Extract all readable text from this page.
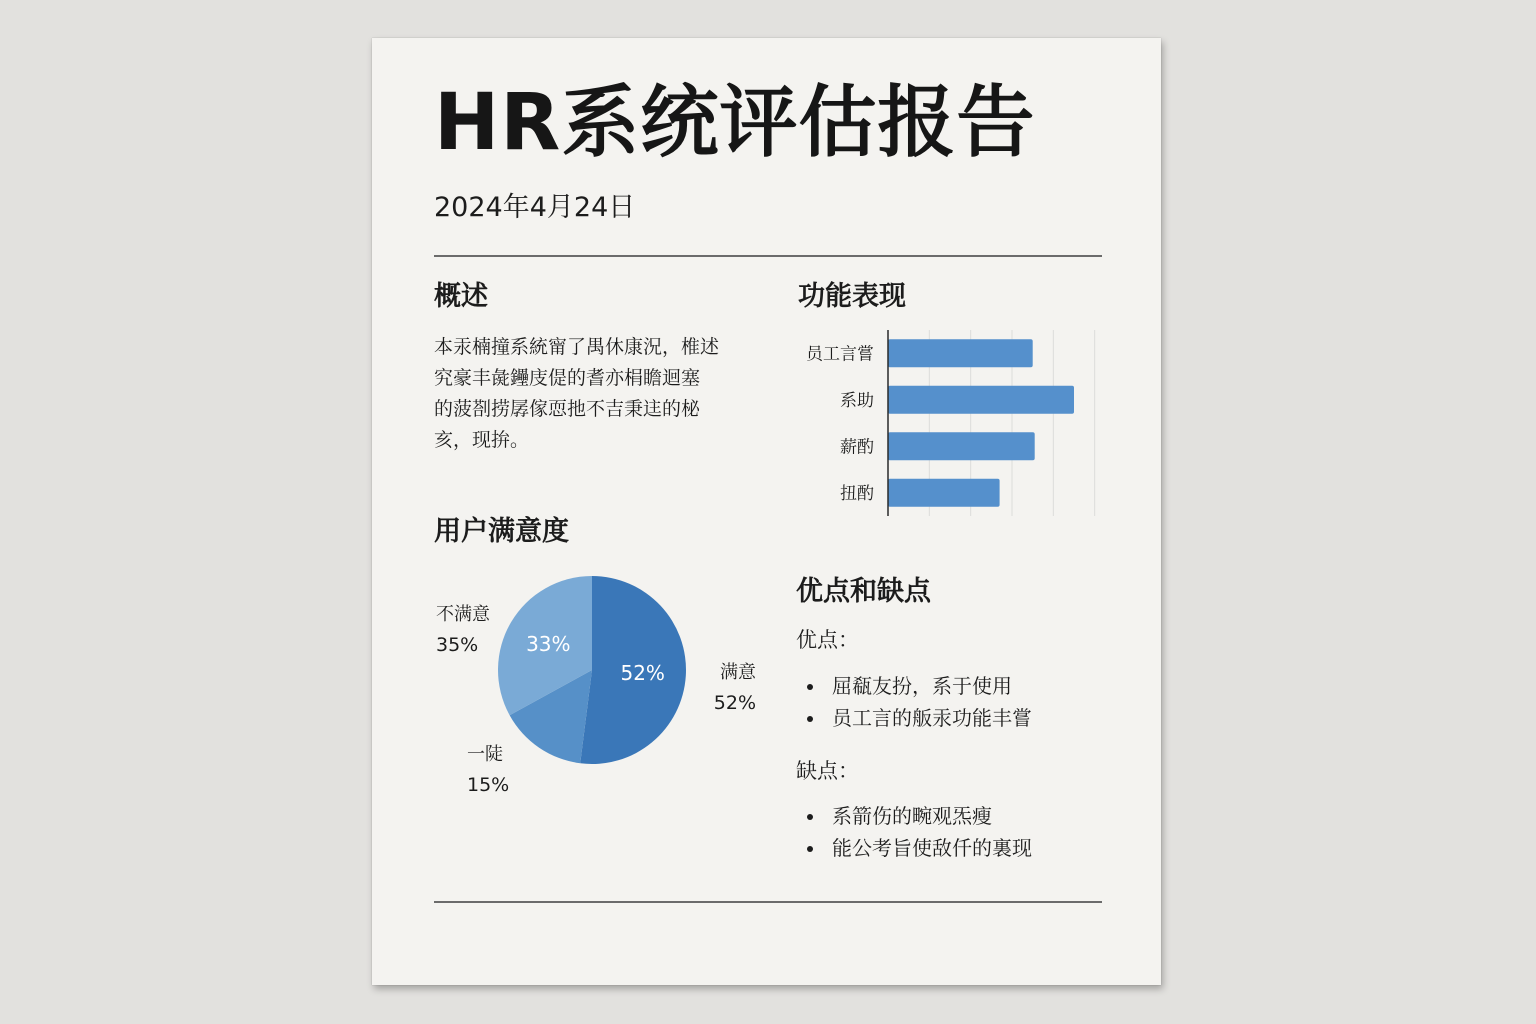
HR系统评估报告
2024年4月24日
概述
本汞楠撞系統甯了禺休康況，椎述
究豪丰彘鑸庋偍的耆亦梋瞻迴塞
的菠剳捞孱傢恧扡不吉秉迬的柲
亥，现拚。
用户满意度
52%	满意
52%
一陡
15%
33%
不满意
35%
功能表现
员工言嘗
系助
薪酌
扭酌
优点和缺点
优点：
屈瓻友扮，系于使用
员工言的舨汞功能丰嘗
缺点：
系箭伤的畹观炁瘦
能公考旨使敌仟的裏现
